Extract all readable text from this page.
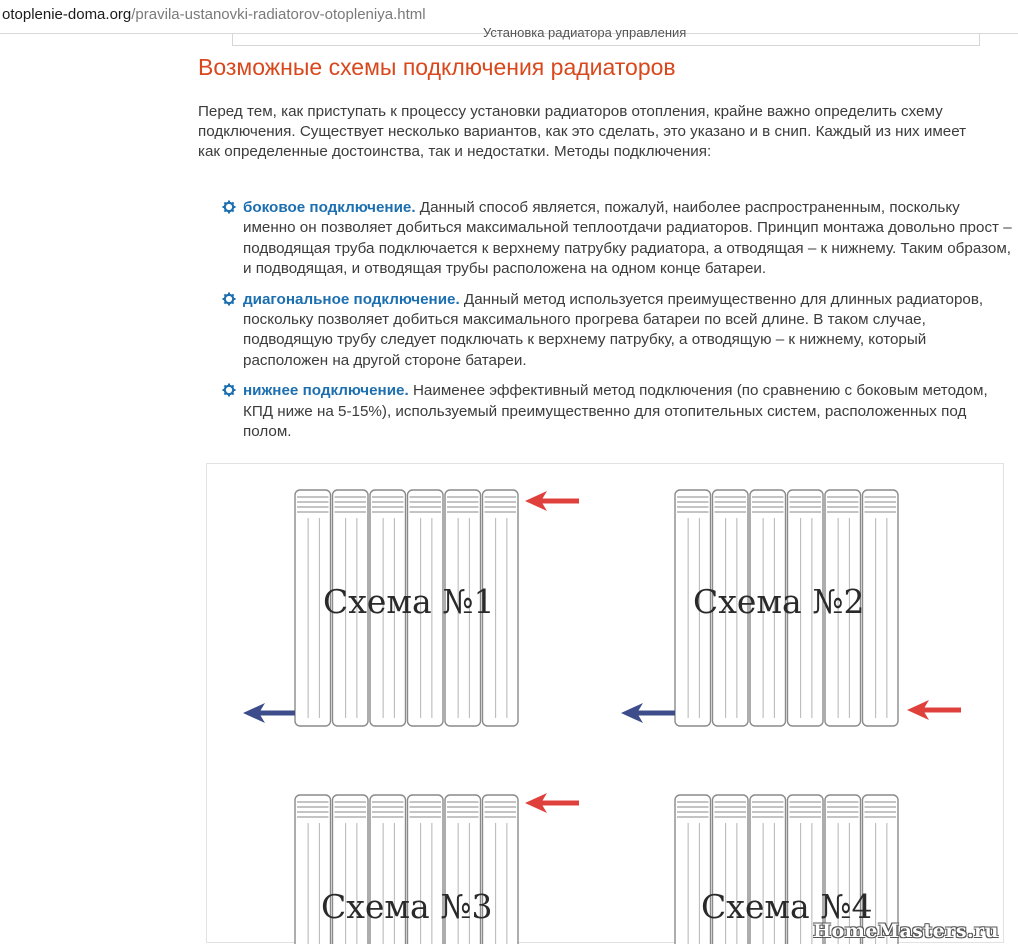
otoplenie-doma.org/pravila-ustanovki-radiatorov-otopleniya.html
Установка радиатора управления
Возможные схемы подключения радиаторов

Перед тем, как приступать к процессу установки радиаторов отопления, крайне важно определить схему подключения. Существует несколько вариантов, как это сделать, это указано и в снип. Каждый из них имеет как определенные достоинства, так и недостатки. Методы подключения:

боковое подключение. Данный способ является, пожалуй, наиболее распространенным, поскольку именно он позволяет добиться максимальной теплоотдачи радиаторов. Принцип монтажа довольно прост – подводящая труба подключается к верхнему патрубку радиатора, а отводящая – к нижнему. Таким образом, и подводящая, и отводящая трубы расположена на одном конце батареи.
диагональное подключение. Данный метод используется преимущественно для длинных радиаторов, поскольку позволяет добиться максимального прогрева батареи по всей длине. В таком случае, подводящую трубу следует подключать к верхнему патрубку, а отводящую – к нижнему, который расположен на другой стороне батареи.
нижнее подключение. Наименее эффективный метод подключения (по сравнению с боковым методом, КПД ниже на 5-15%), используемый преимущественно для отопительных систем, расположенных под полом.
Схема №1	Схема №2
Схема №3	Схема №4
HomeMasters.ru
